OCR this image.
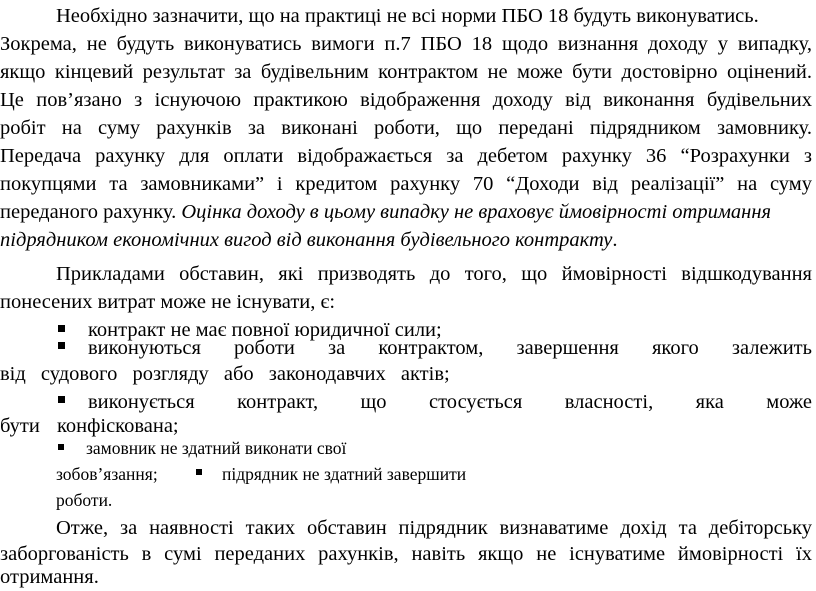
Необхідно зазначити, що на практиці не всі норми ПБО 18 будуть виконуватись.
Зокрема, не будуть виконуватись вимоги п.7 ПБО 18 щодо визнання доходу у випадку,
якщо кінцевий результат за будівельним контрактом не може бути достовірно оцінений.
Це пов’язано з існуючою практикою відображення доходу від виконання будівельних
робіт на суму рахунків за виконані роботи, що передані підрядником замовнику.
Передача рахунку для оплати відображається за дебетом рахунку 36 “Розрахунки з
покупцями та замовниками” і кредитом рахунку 70 “Доходи від реалізації” на суму
переданого рахунку. Оцінка доходу в цьому випадку не враховує ймовірності отримання
підрядником економічних вигод від виконання будівельного контракту.
Прикладами обставин, які призводять до того, що ймовірності відшкодування
понесених витрат може не існувати, є:
контракт не має повної юридичної сили;
виконуються роботи за контрактом, завершення якого залежить
від судового розгляду або законодавчих актів;
виконується контракт, що стосується власності, яка може
бути конфіскована;
замовник не здатний виконати свої
зобов’язання;	підрядник не здатний завершити
роботи.
Отже, за наявності таких обставин підрядник визнаватиме дохід та дебіторську
заборгованість в сумі переданих рахунків, навіть якщо не існуватиме ймовірності їх
отримання.
